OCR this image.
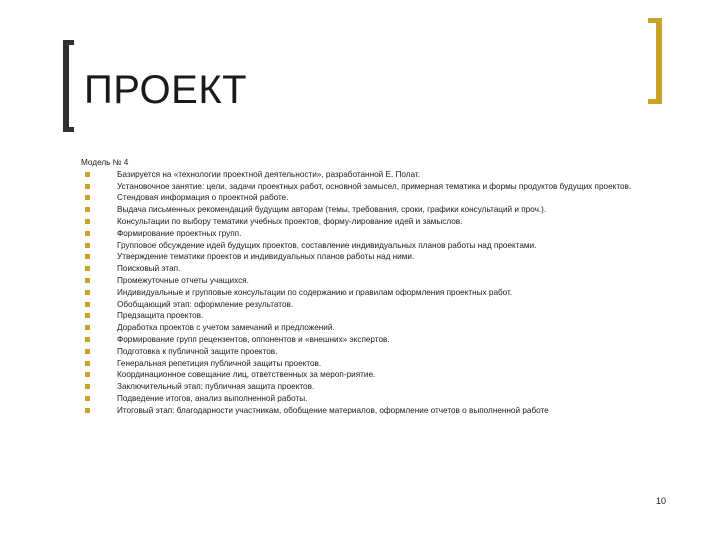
ПРОЕКТ

Модель № 4

Базируется на «технологии проектной деятельности», разработанной Е. Полат.
Установочное занятие: цели, задачи проектных работ, основной замысел, примерная тематика и формы продуктов будущих проектов.
Стендовая информация о проектной работе.
Выдача письменных рекомендаций будущим авторам (темы, требования, сроки, графики консультаций и проч.).
Консультации по выбору тематики учебных проектов, форму-лирование идей и замыслов.
Формирование проектных групп.
Групповое обсуждение идей будущих проектов, составление индивидуальных планов работы над проектами.
Утверждение тематики проектов и индивидуальных планов работы над ними.
Поисковый этап.
Промежуточные отчеты учащихся.
Индивидуальные и групповые консультации по содержанию и правилам оформления проектных работ.
Обобщающий этап: оформление результатов.
Предзащита проектов.
Доработка проектов с учетом замечаний и предложений.
Формирование групп рецензентов, оппонентов и «внешних» экспертов.
Подготовка к публичной защите проектов.
Генеральная репетиция публичной защиты проектов.
Координационное совещание лиц, ответственных за мероп-риятие.
Заключительный этап: публичная защита проектов.
Подведение итогов, анализ выполненной работы.
Итоговый этап: благодарности участникам, обобщение материалов, оформление отчетов о выполненной работе
10
